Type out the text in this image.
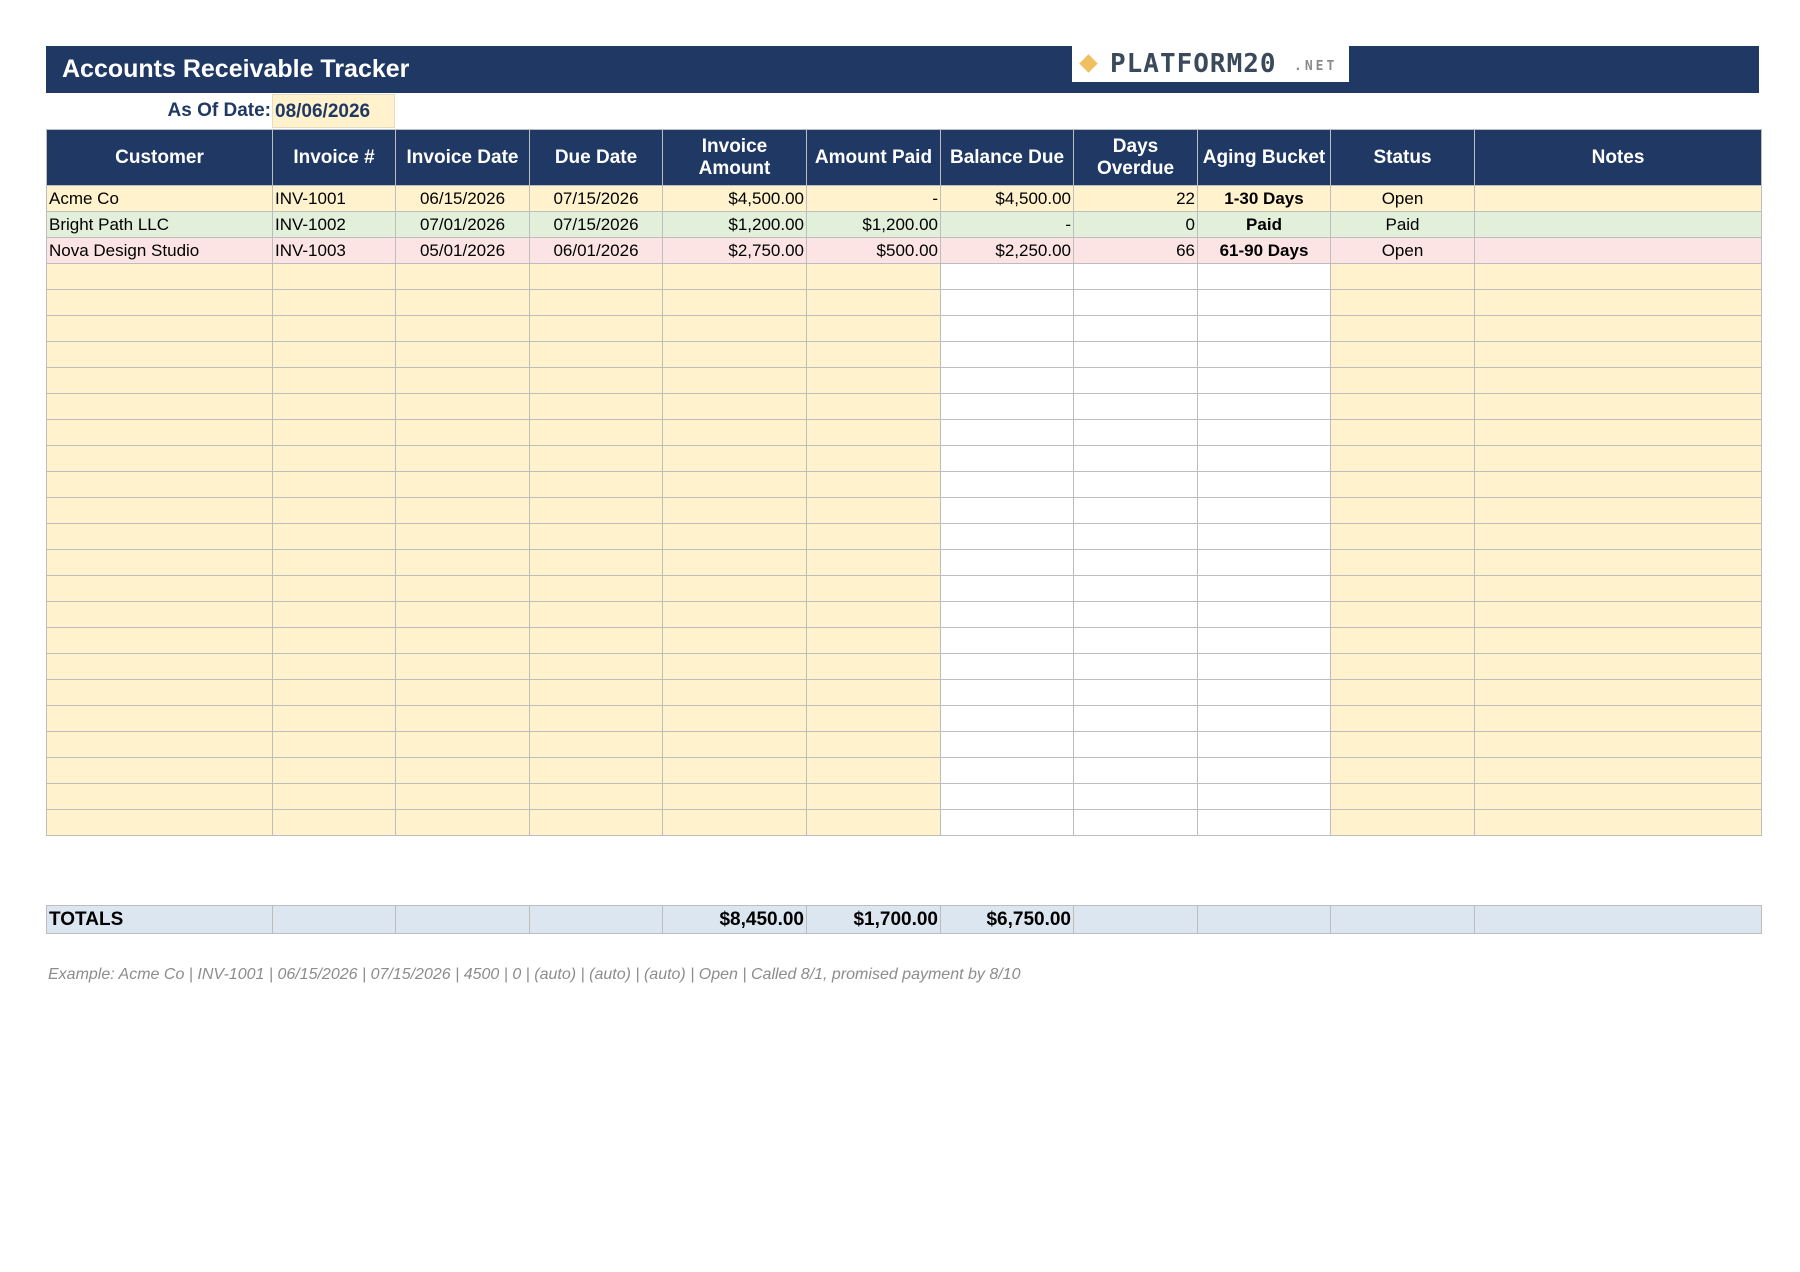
Accounts Receivable Tracker	PLATFORM20 .NET
As Of Date: 08/06/2026
Customer	Invoice #	Invoice Date	Due Date	Invoice Amount	Amount Paid	Balance Due	Days Overdue	Aging Bucket	Status	Notes
Acme Co	INV-1001	06/15/2026	07/15/2026	$4,500.00	-	$4,500.00	22	1-30 Days	Open	
Bright Path LLC	INV-1002	07/01/2026	07/15/2026	$1,200.00	$1,200.00	-	0	Paid	Paid	
Nova Design Studio	INV-1003	05/01/2026	06/01/2026	$2,750.00	$500.00	$2,250.00	66	61-90 Days	Open	

TOTALS				$8,450.00	$1,700.00	$6,750.00				
Example: Acme Co | INV-1001 | 06/15/2026 | 07/15/2026 | 4500 | 0 | (auto) | (auto) | (auto) | Open | Called 8/1, promised payment by 8/10
